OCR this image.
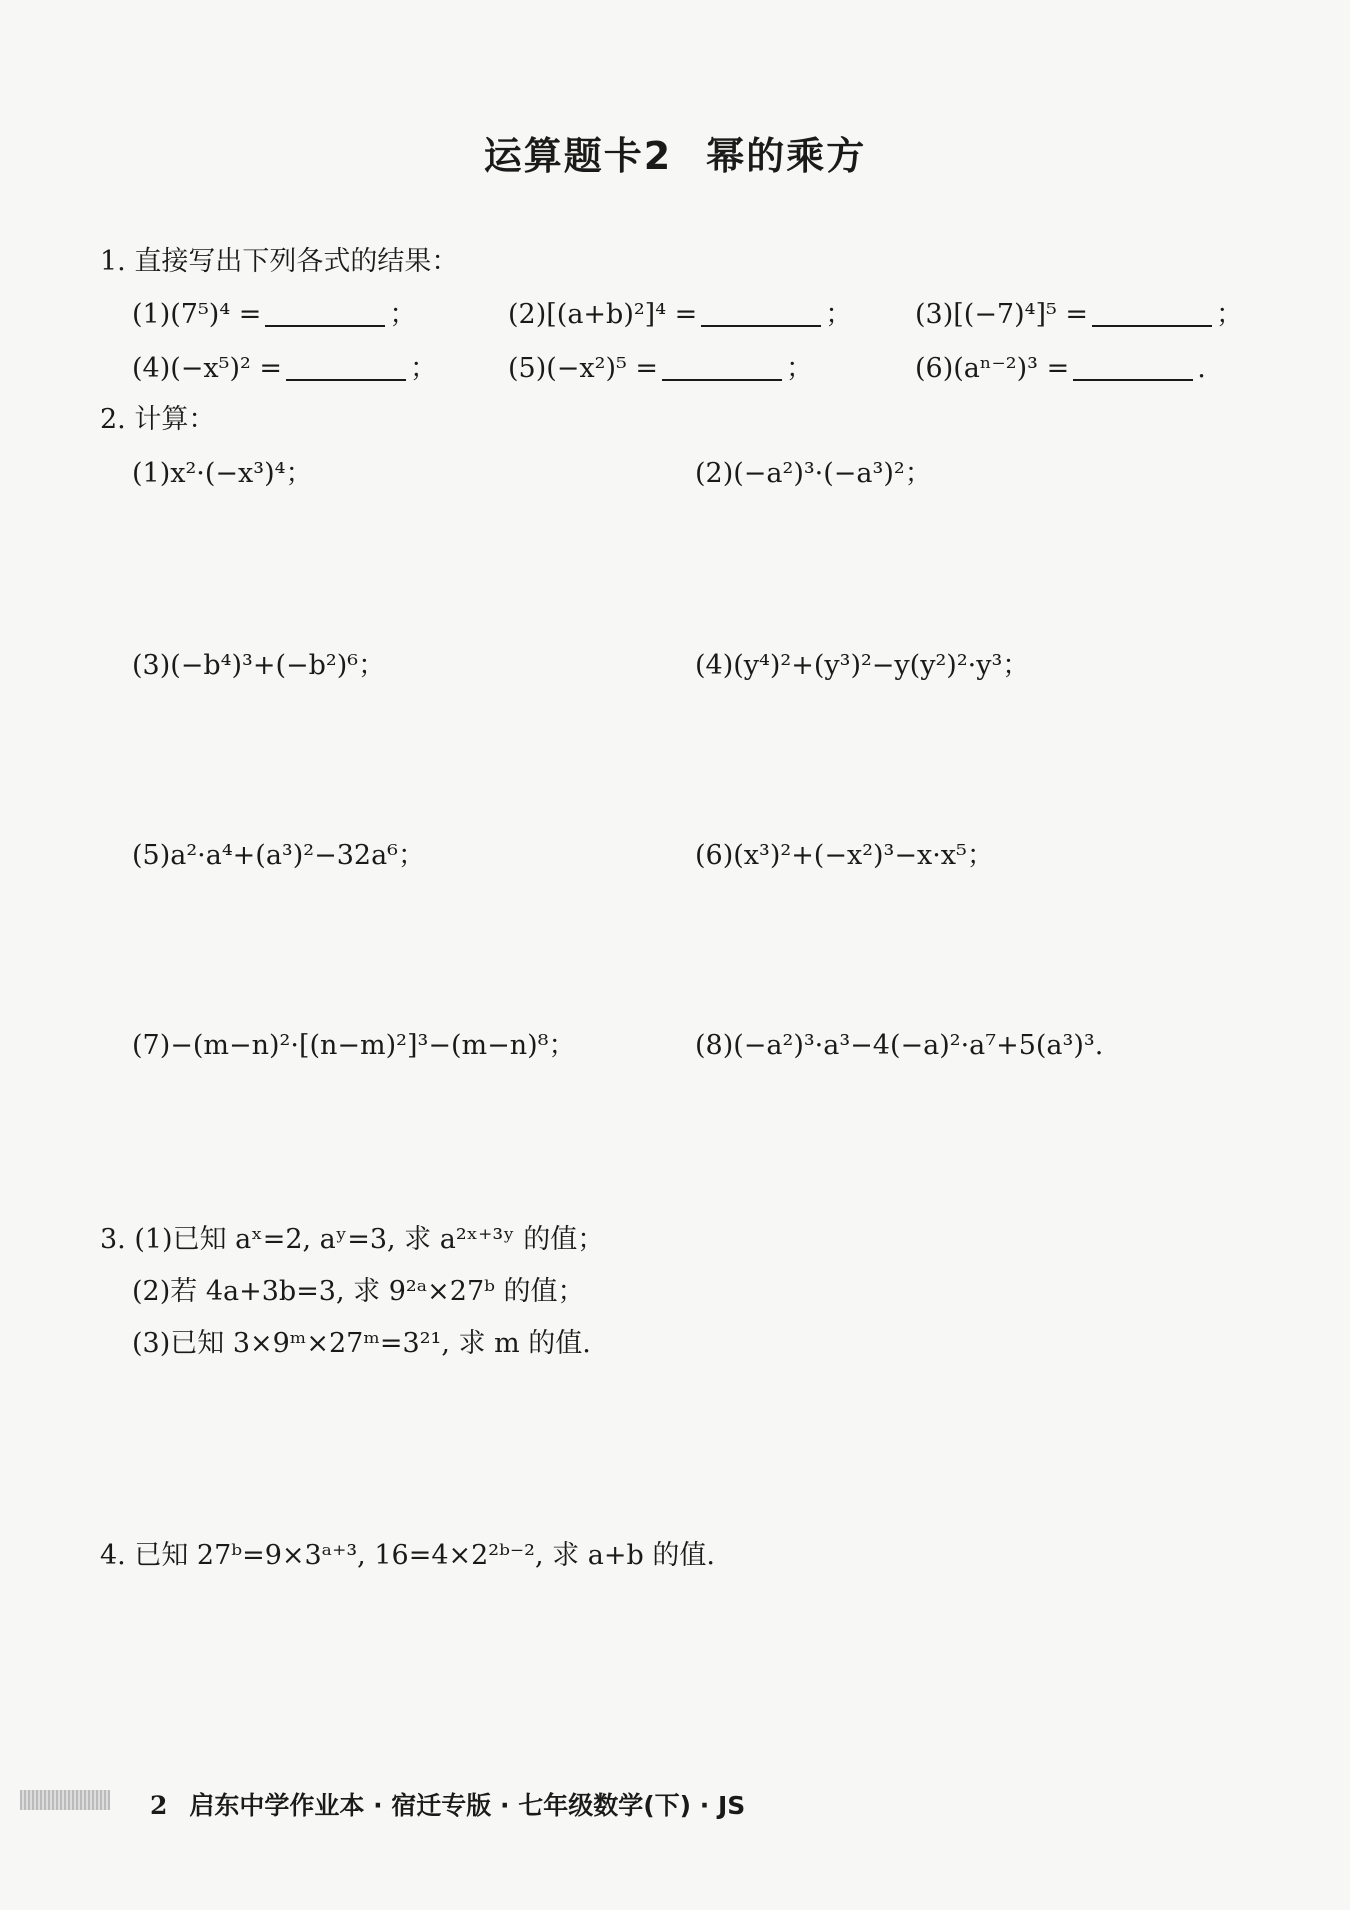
运算题卡2 幂的乘方
1. 直接写出下列各式的结果：
(1)(7⁵)⁴ =	；	(2)[(a+b)²]⁴ =	； (3)[(−7)⁴]⁵ =	；
(4)(−x⁵)² =	；	(5)(−x²)⁵ =	；	(6)(aⁿ⁻²)³ =	.
2. 计算：
(1)x²·(−x³)⁴；	(2)(−a²)³·(−a³)²；
(3)(−b⁴)³+(−b²)⁶；	(4)(y⁴)²+(y³)²−y(y²)²·y³；
(5)a²·a⁴+(a³)²−32a⁶；	(6)(x³)²+(−x²)³−x·x⁵；
(7)−(m−n)²·[(n−m)²]³−(m−n)⁸；	(8)(−a²)³·a³−4(−a)²·a⁷+5(a³)³.
3. (1)已知 aˣ=2, aʸ=3, 求 a²ˣ⁺³ʸ 的值；
(2)若 4a+3b=3, 求 9²ᵃ×27ᵇ 的值；
(3)已知 3×9ᵐ×27ᵐ=3²¹, 求 m 的值.
4. 已知 27ᵇ=9×3ᵃ⁺³, 16=4×2²ᵇ⁻², 求 a+b 的值.
2 启东中学作业本 · 宿迁专版 · 七年级数学(下) · JS
